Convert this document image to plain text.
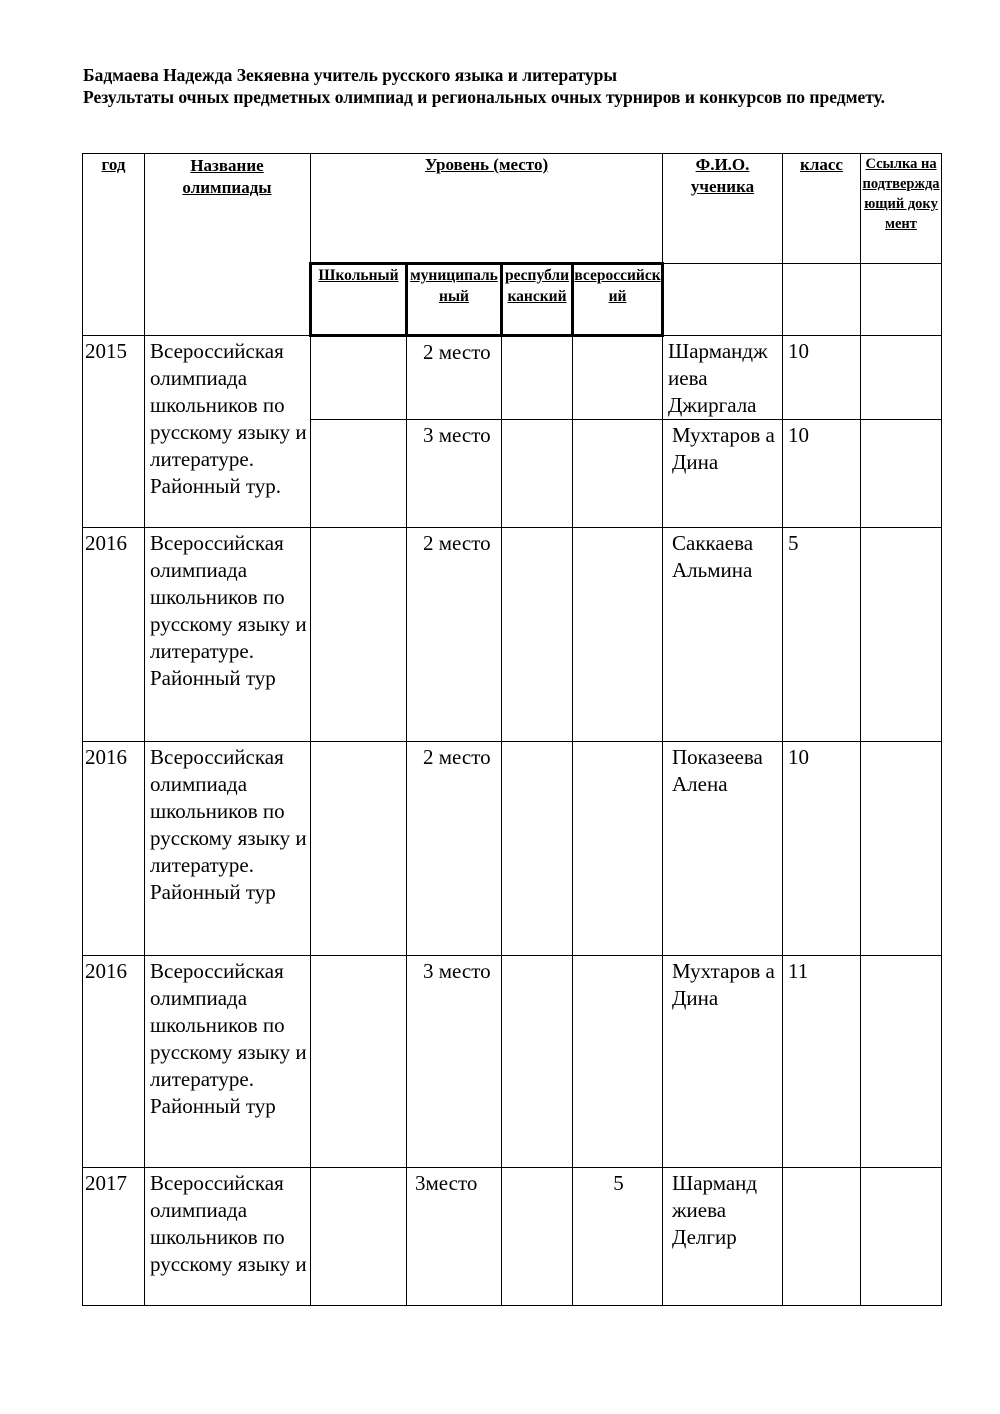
Бадмаева Надежда Зекяевна учитель русского языка и литературы
Результаты очных предметных олимпиад и региональных очных турниров и конкурсов по предмету.
год	Название олимпиады	Уровень (место)				Ф.И.О. ученика	класс	Ссылка на подтверждающий документ
		Школьный	муниципальный	республиканский	всероссийский			
2015	Всероссийская олимпиада школьников по русскому языку и литературе. Районный тур.		2 место			Шармандж иева Джиргала	10	
			3 место			Мухтаров а Дина	10	
2016	Всероссийская олимпиада школьников по русскому языку и литературе. Районный тур		2 место			Саккаева Альмина	5	
2016	Всероссийская олимпиада школьников по русскому языку и литературе. Районный тур		2 место			Показеева Алена	10	
2016	Всероссийская олимпиада школьников по русскому языку и литературе. Районный тур		3 место			Мухтаров а Дина	11	
2017	Всероссийская олимпиада школьников по русскому языку и		3место		5	Шарманд жиева Делгир		
